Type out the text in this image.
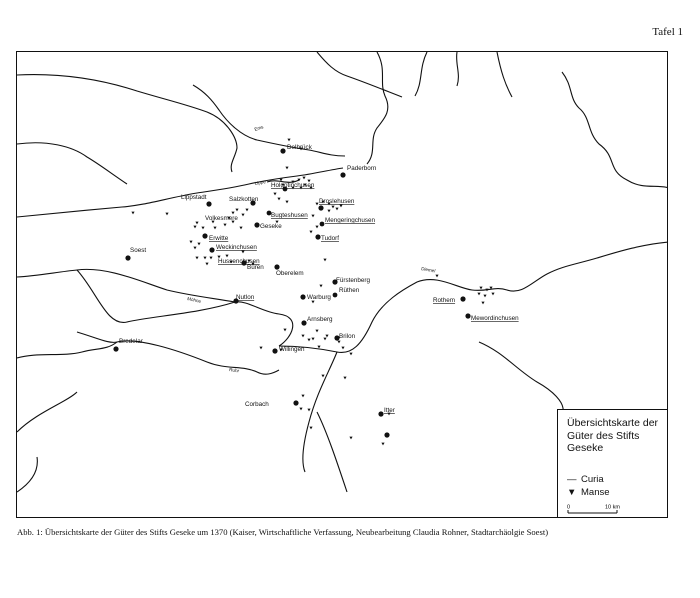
Tafel 1
Ems
Lippe
Möhne
Ruhr
Diemel
Delbrück
Paderborn
Lippstadt	Salzkotten
Holgotinchusen
Droslehusen
Volkesmere	Bugteshusen
Geseke
Mengeringchusen
Tudorf
Erwitte
Weckinchusen
Soest
Hussenchusen
Büren
Oberelem
Fürstenberg
Rüthen
Nutlon	Warburg	Rothem
Mewordinchusen
Arnsberg
Bredelar
Brilon
Willingen
Corbach
Itter
Übersichtskarte der Güter des Stifts Geseke
— Curia
▼ Manse
0	10 km
Abb. 1: Übersichtskarte der Güter des Stifts Geseke um 1370 (Kaiser, Wirtschaftliche Verfassung, Neubearbeitung Claudia Rohner, Stadtarchäolgie Soest)
